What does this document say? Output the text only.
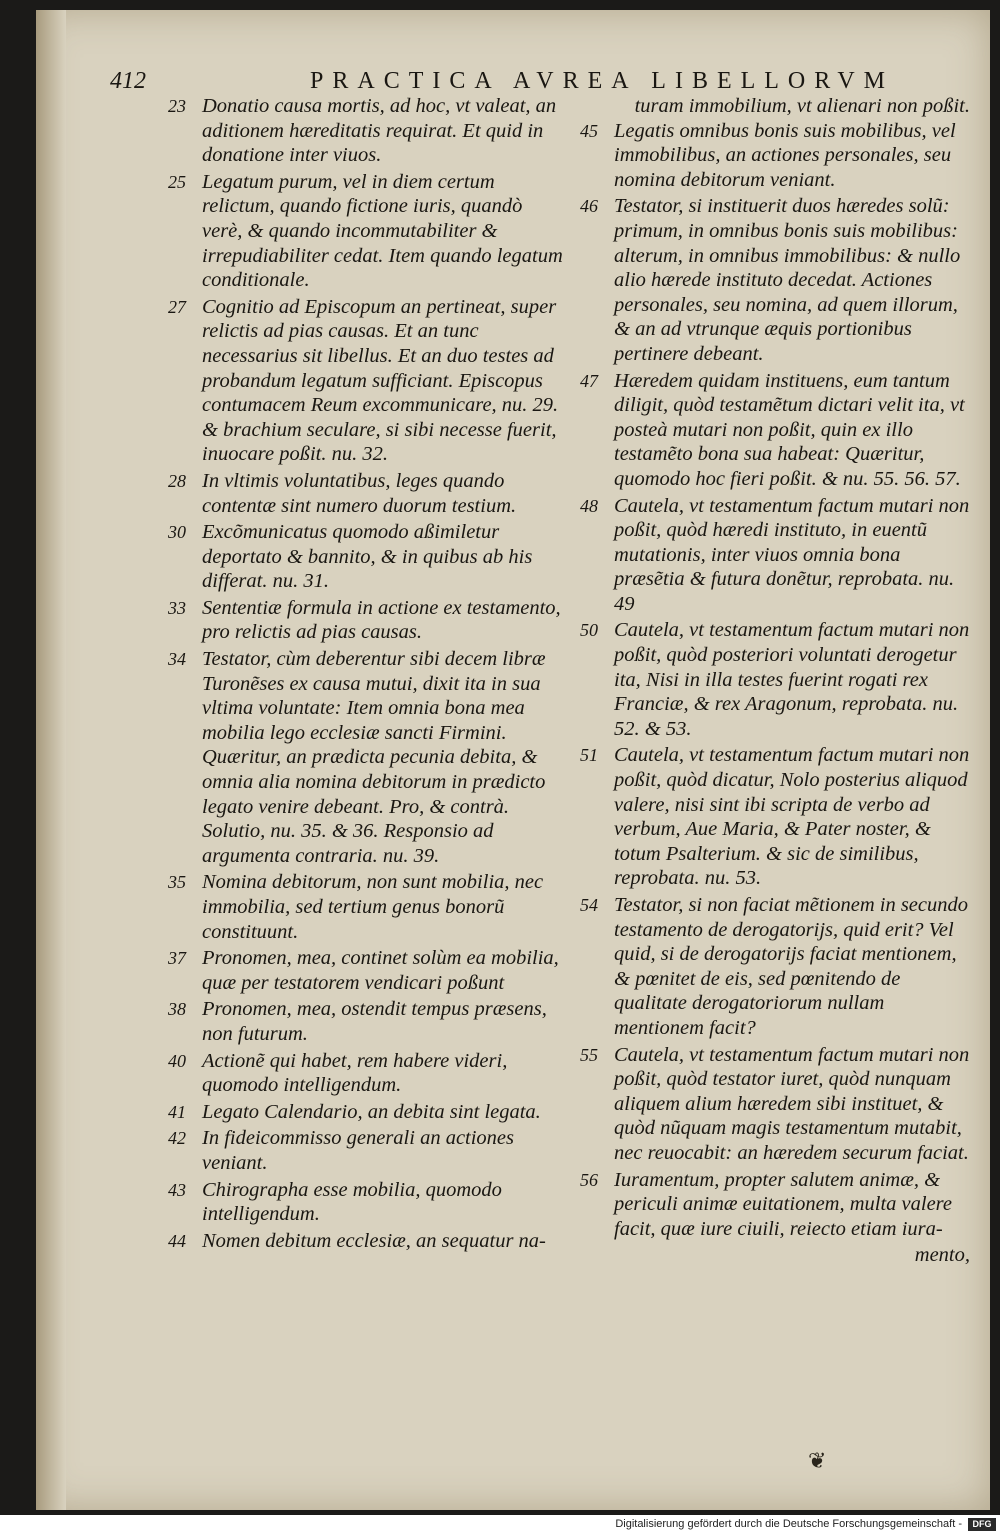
412	PRACTICA AVREA LIBELLORVM
23 Donatio causa mortis, ad hoc, vt valeat, an aditionem hæreditatis requirat. Et quid in donatione inter viuos.
25 Legatum purum, vel in diem certum relictum, quando fictione iuris, quandò verè, & quando incommutabiliter & irrepudiabiliter cedat. Item quando legatum conditionale.
27 Cognitio ad Episcopum an pertineat, super relictis ad pias causas. Et an tunc necessarius sit libellus. Et an duo testes ad probandum legatum sufficiant. Episcopus contumacem Reum excommunicare, nu. 29. & brachium seculare, si sibi necesse fuerit, inuocare poßit. nu. 32.
28 In vltimis voluntatibus, leges quando contentæ sint numero duorum testium.
30 Excõmunicatus quomodo aßimiletur deportato & bannito, & in quibus ab his differat. nu. 31.
33 Sententiæ formula in actione ex testamento, pro relictis ad pias causas.
34 Testator, cùm deberentur sibi decem libræ Turonẽses ex causa mutui, dixit ita in sua vltima voluntate: Item omnia bona mea mobilia lego ecclesiæ sancti Firmini. Quæritur, an prædicta pecunia debita, & omnia alia nomina debitorum in prædicto legato venire debeant. Pro, & contrà. Solutio, nu. 35. & 36. Responsio ad argumenta contraria. nu. 39.
35 Nomina debitorum, non sunt mobilia, nec immobilia, sed tertium genus bonorũ constituunt.
37 Pronomen, mea, continet solùm ea mobilia, quæ per testatorem vendicari poßunt
38 Pronomen, mea, ostendit tempus præsens, non futurum.
40 Actionẽ qui habet, rem habere videri, quomodo intelligendum.
41 Legato Calendario, an debita sint legata.
42 In fideicommisso generali an actiones veniant.
43 Chirographa esse mobilia, quomodo intelligendum.
44 Nomen debitum ecclesiæ, an sequatur na-
turam immobilium, vt alienari non poßit.
45 Legatis omnibus bonis suis mobilibus, vel immobilibus, an actiones personales, seu nomina debitorum veniant.
46 Testator, si instituerit duos hæredes solũ: primum, in omnibus bonis suis mobilibus: alterum, in omnibus immobilibus: & nullo alio hærede instituto decedat. Actiones personales, seu nomina, ad quem illorum, & an ad vtrunque æquis portionibus pertinere debeant.
47 Hæredem quidam instituens, eum tantum diligit, quòd testamẽtum dictari velit ita, vt posteà mutari non poßit, quin ex illo testamẽto bona sua habeat: Quæritur, quomodo hoc fieri poßit. & nu. 55. 56. 57.
48 Cautela, vt testamentum factum mutari non poßit, quòd hæredi instituto, in euentũ mutationis, inter viuos omnia bona præsẽtia & futura donẽtur, reprobata. nu. 49
50 Cautela, vt testamentum factum mutari non poßit, quòd posteriori voluntati derogetur ita, Nisi in illa testes fuerint rogati rex Franciæ, & rex Aragonum, reprobata. nu. 52. & 53.
51 Cautela, vt testamentum factum mutari non poßit, quòd dicatur, Nolo posterius aliquod valere, nisi sint ibi scripta de verbo ad verbum, Aue Maria, & Pater noster, & totum Psalterium. & sic de similibus, reprobata. nu. 53.
54 Testator, si non faciat mẽtionem in secundo testamento de derogatorijs, quid erit? Vel quid, si de derogatorijs faciat mentionem, & pœnitet de eis, sed pœnitendo de qualitate derogatoriorum nullam mentionem facit?
55 Cautela, vt testamentum factum mutari non poßit, quòd testator iuret, quòd nunquam aliquem alium hæredem sibi instituet, & quòd nũquam magis testamentum mutabit, nec reuocabit: an hæredem securum faciat.
56 Iuramentum, propter salutem animæ, & periculi animæ euitationem, multa valere facit, quæ iure ciuili, reiecto etiam iura-
mento,
❦
Digitalisierung gefördert durch die Deutsche Forschungsgemeinschaft -	DFG
